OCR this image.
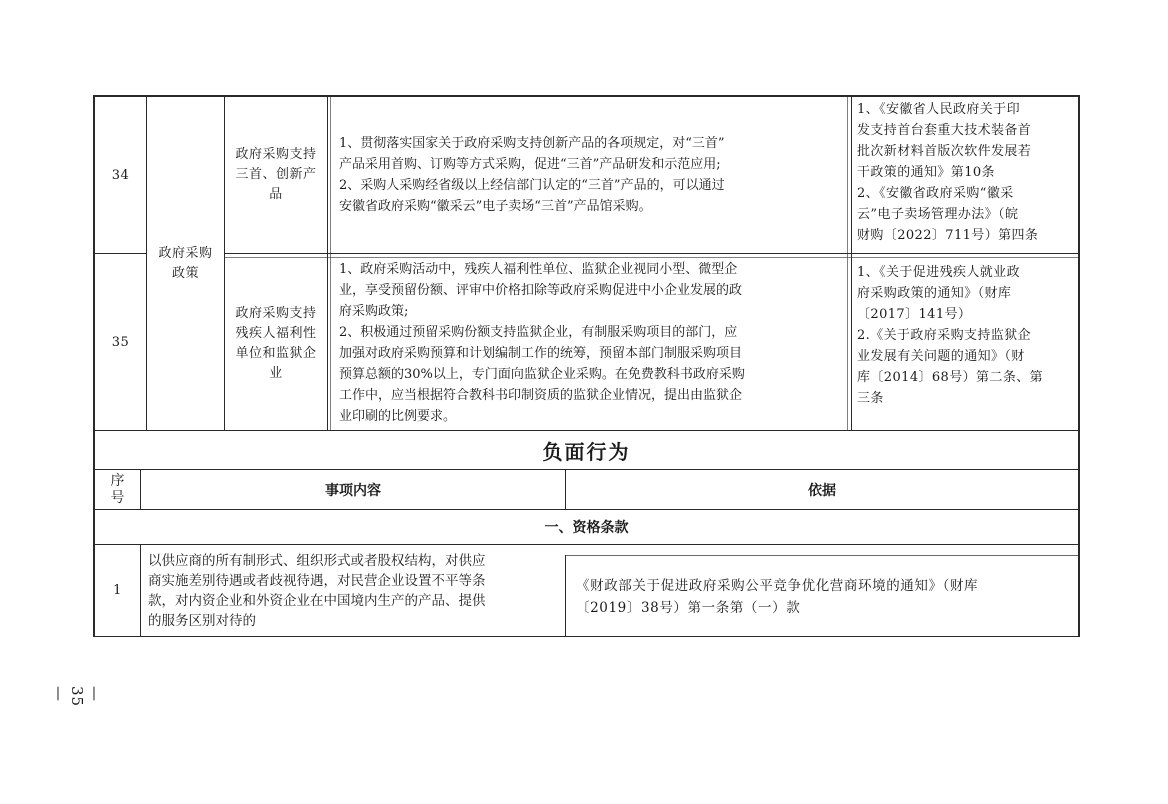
34
政府采购支持三首、创新产品
1、贯彻落实国家关于政府采购支持创新产品的各项规定，对“三首”
产品采用首购、订购等方式采购，促进“三首”产品研发和示范应用;
2、采购人采购经省级以上经信部门认定的“三首”产品的，可以通过
安徽省政府采购“徽采云”电子卖场“三首”产品馆采购。
1、《安徽省人民政府关于印
发支持首台套重大技术装备首
批次新材料首版次软件发展若
干政策的通知》第10条
2、《安徽省政府采购“徽采
云”电子卖场管理办法》（皖
财购〔2022〕711号）第四条
政府采购政策
35
政府采购支持残疾人福利性单位和监狱企业
1、政府采购活动中，残疾人福利性单位、监狱企业视同小型、微型企
业，享受预留份额、评审中价格扣除等政府采购促进中小企业发展的政
府采购政策;
2、积极通过预留采购份额支持监狱企业，有制服采购项目的部门，应
加强对政府采购预算和计划编制工作的统筹，预留本部门制服采购项目
预算总额的30%以上，专门面向监狱企业采购。在免费教科书政府采购
工作中，应当根据符合教科书印制资质的监狱企业情况，提出由监狱企
业印刷的比例要求。
1、《关于促进残疾人就业政
府采购政策的通知》（财库
〔2017〕141号）
2.《关于政府采购支持监狱企
业发展有关问题的通知》（财
库〔2014〕68号）第二条、第
三条
负面行为
序号	事项内容	依据
一、资格条款
1
以供应商的所有制形式、组织形式或者股权结构，对供应
商实施差别待遇或者歧视待遇，对民营企业设置不平等条
款，对内资企业和外资企业在中国境内生产的产品、提供
的服务区别对待的
《财政部关于促进政府采购公平竞争优化营商环境的通知》（财库
〔2019〕38号）第一条第（一）款
—35—
